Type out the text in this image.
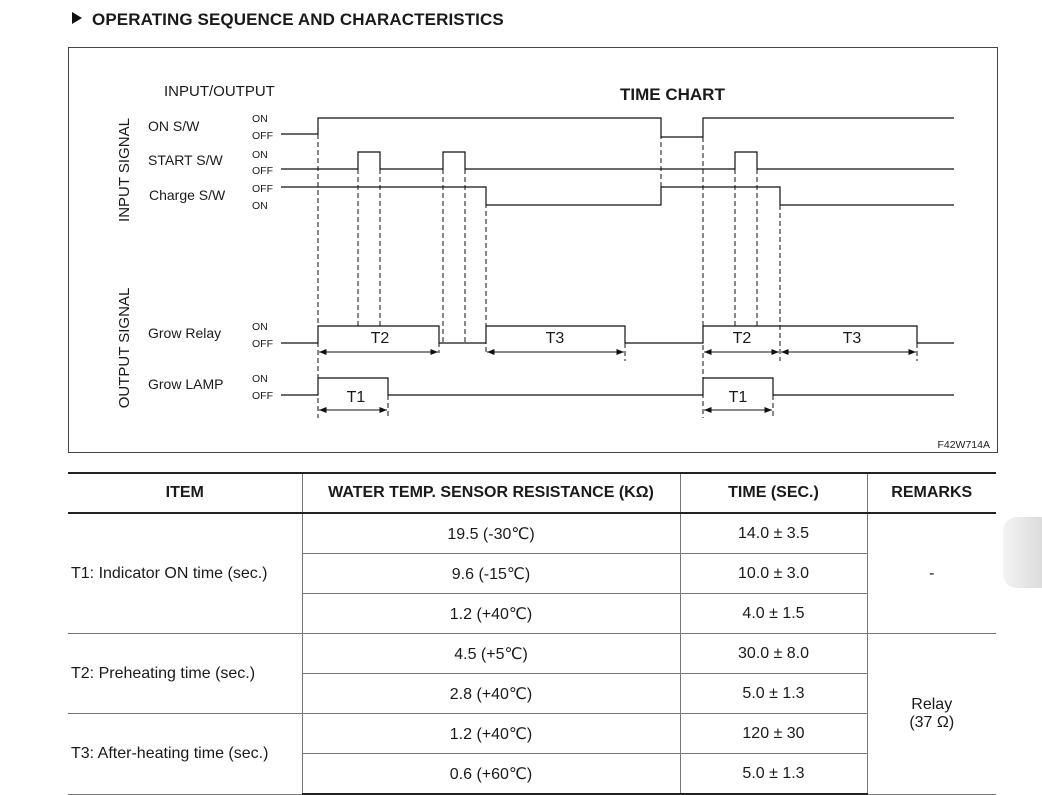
OPERATING SEQUENCE AND CHARACTERISTICS
INPUT/OUTPUT	TIME CHART
INPUT SIGNAL
OUTPUT SIGNAL
ON S/W
START S/W
Charge S/W
Grow Relay
Grow LAMP
ON
OFF
ON
OFF
OFF
ON
ON
OFF
ON
OFF
T2	T3	T2	T3
T1	T1
F42W714A
ITEM	WATER TEMP. SENSOR RESISTANCE (KΩ)	TIME (SEC.)	REMARKS
T1: Indicator ON time (sec.)	19.5 (-30℃)	14.0 ± 3.5	-
	9.6 (-15℃)	10.0 ± 3.0	
	1.2 (+40℃)	4.0 ± 1.5	
T2: Preheating time (sec.)	4.5 (+5℃)	30.0 ± 8.0	Relay
(37 Ω)

	2.8 (+40℃)	5.0 ± 1.3	
T3: After-heating time (sec.)	1.2 (+40℃)	120 ± 30	
	0.6 (+60℃)	5.0 ± 1.3	
